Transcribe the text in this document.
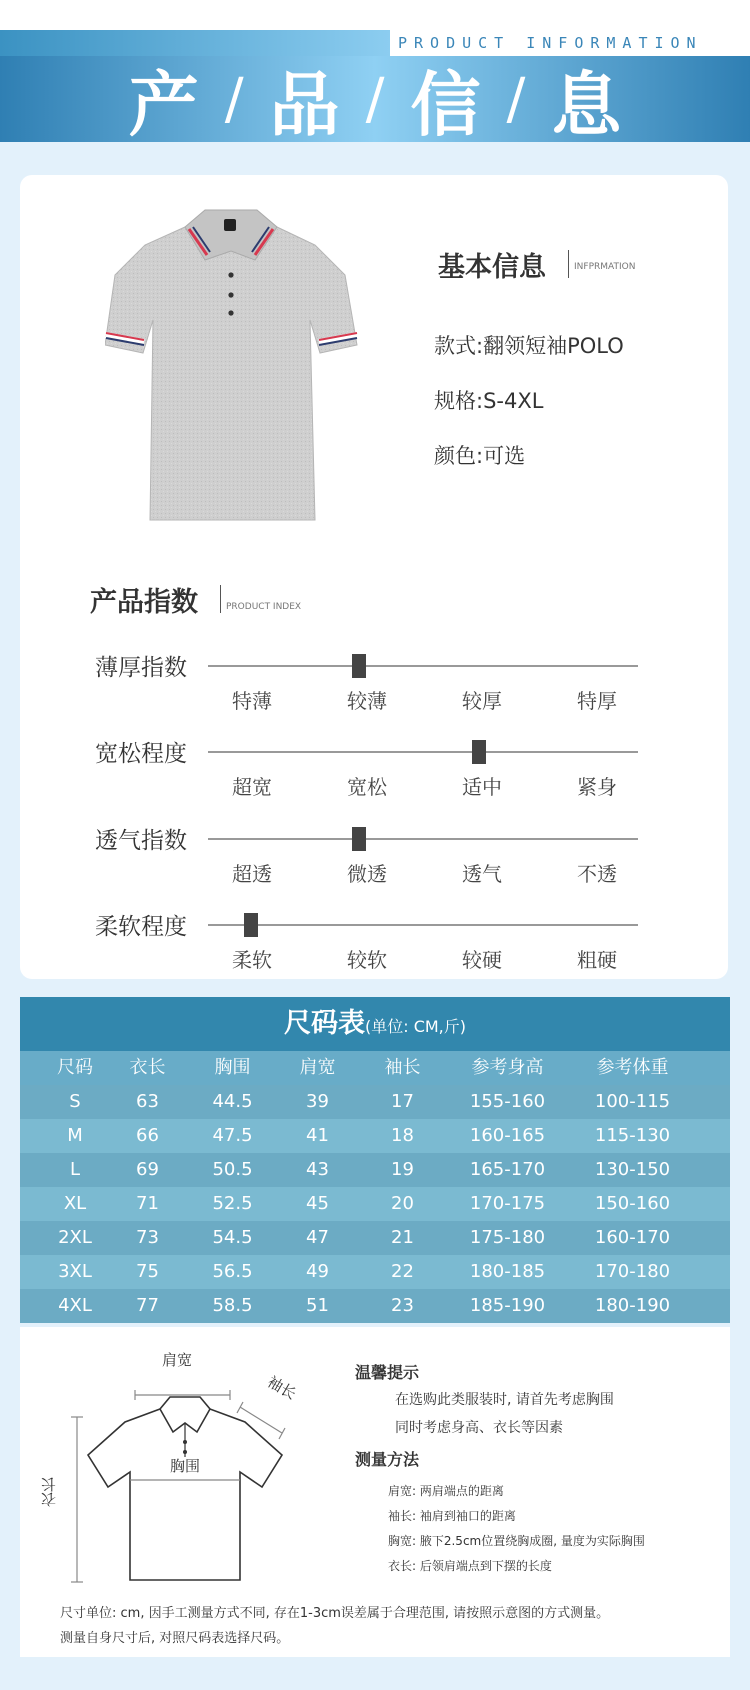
PRODUCT INFORMATION
产 / 品 / 信 / 息
基本信息	INFPRMATION
款式:翻领短袖POLO
规格:S-4XL
颜色:可选
产品指数	PRODUCT INDEX
薄厚指数
特薄	较薄	较厚	特厚
宽松程度
超宽	宽松	适中	紧身
透气指数
超透	微透	透气	不透
柔软程度
柔软	较软	较硬	粗硬
尺码表(单位: CM,斤)
尺码	衣长	胸围	肩宽	袖长	参考身高	参考体重
S	63	44.5	39	17	155-160	100-115
M	66	47.5	41	18	160-165	115-130
L	69	50.5	43	19	165-170	130-150
XL	71	52.5	45	20	170-175	150-160
2XL	73	54.5	47	21	175-180	160-170
3XL	75	56.5	49	22	180-185	170-180
4XL	77	58.5	51	23	185-190	180-190
肩宽
袖长
胸围
衣长
温馨提示
在选购此类服装时, 请首先考虑胸围
同时考虑身高、衣长等因素
测量方法
肩宽: 两肩端点的距离
袖长: 袖肩到袖口的距离
胸宽: 腋下2.5cm位置绕胸成圈, 量度为实际胸围
衣长: 后领肩端点到下摆的长度
尺寸单位: cm, 因手工测量方式不同, 存在1-3cm误差属于合理范围, 请按照示意图的方式测量。
测量自身尺寸后, 对照尺码表选择尺码。
